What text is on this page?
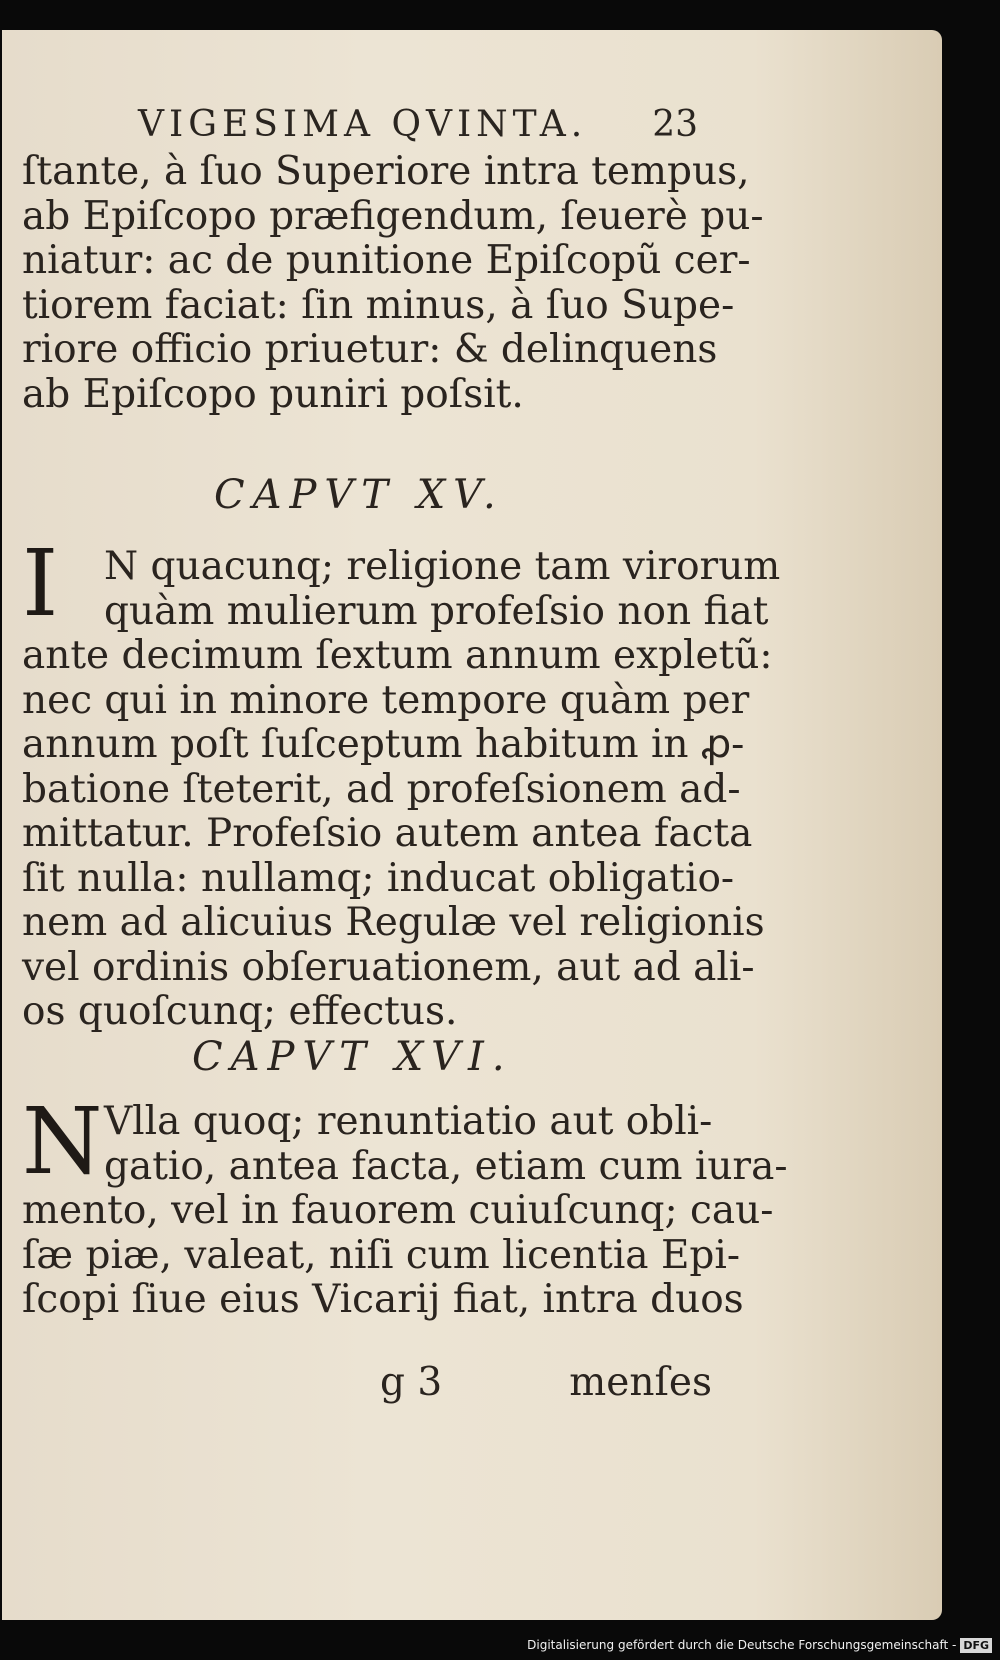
VIGESIMA QVINTA. 23
ſtante, à ſuo Superiore intra tempus,
ab Epiſcopo præfigendum, ſeuerè pu-
niatur: ac de punitione Epiſcopũ cer-
tiorem faciat: ſin minus, à ſuo Supe-
riore officio priuetur: & delinquens
ab Epiſcopo puniri poſsit.
CAPVT XV.
I	N quacunq; religione tam virorum
quàm mulierum profeſsio non fiat
ante decimum ſextum annum expletũ:
nec qui in minore tempore quàm per
annum poſt ſuſceptum habitum in ꝓ-
batione ſteterit, ad profeſsionem ad-
mittatur. Profeſsio autem antea facta
ſit nulla: nullamq; inducat obligatio-
nem ad alicuius Regulæ vel religionis
vel ordinis obſeruationem, aut ad ali-
os quoſcunq; effectus.
CAPVT XVI.
N Vlla quoq; renuntiatio aut obli-
gatio, antea facta, etiam cum iura-
mento, vel in fauorem cuiuſcunq; cau-
ſæ piæ, valeat, niſi cum licentia Epi-
ſcopi ſiue eius Vicarij fiat, intra duos
g 3	menſes
Digitalisierung gefördert durch die Deutsche Forschungsgemeinschaft - DFG
